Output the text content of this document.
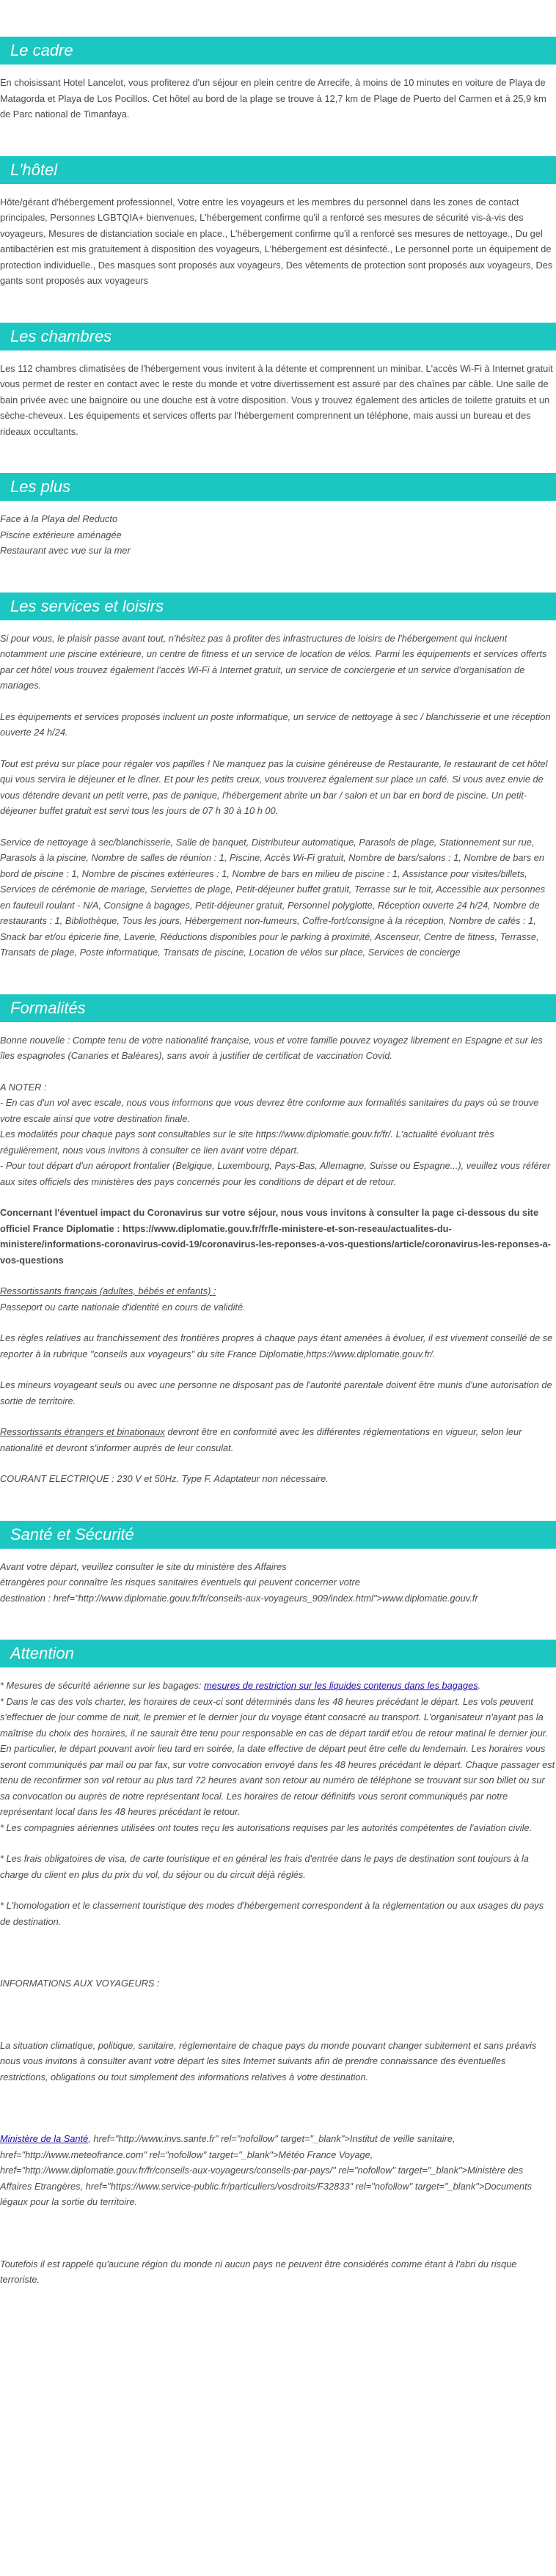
Le cadre

En choisissant Hotel Lancelot, vous profiterez d'un séjour en plein centre de Arrecife, à moins de 10 minutes en voiture de Playa de Matagorda et Playa de Los Pocillos. Cet hôtel au bord de la plage se trouve à 12,7 km de Plage de Puerto del Carmen et à 25,9 km de Parc national de Timanfaya.

L'hôtel

Hôte/gérant d'hébergement professionnel, Votre entre les voyageurs et les membres du personnel dans les zones de contact principales, Personnes LGBTQIA+ bienvenues, L'hébergement confirme qu'il a renforcé ses mesures de sécurité vis-à-vis des voyageurs, Mesures de distanciation sociale en place., L'hébergement confirme qu'il a renforcé ses mesures de nettoyage., Du gel antibactérien est mis gratuitement à disposition des voyageurs, L'hébergement est désinfecté., Le personnel porte un équipement de protection individuelle., Des masques sont proposés aux voyageurs, Des vêtements de protection sont proposés aux voyageurs, Des gants sont proposés aux voyageurs

Les chambres

Les 112 chambres climatisées de l'hébergement vous invitent à la détente et comprennent un minibar. L'accès Wi-Fi à Internet gratuit vous permet de rester en contact avec le reste du monde et votre divertissement est assuré par des chaînes par câble. Une salle de bain privée avec une baignoire ou une douche est à votre disposition. Vous y trouvez également des articles de toilette gratuits et un sèche-cheveux. Les équipements et services offerts par l'hébergement comprennent un téléphone, mais aussi un bureau et des rideaux occultants.

Les plus
Face à la Playa del Reducto
Piscine extérieure aménagée
Restaurant avec vue sur la mer
Les services et loisirs

Si pour vous, le plaisir passe avant tout, n'hésitez pas à profiter des infrastructures de loisirs de l'hébergement qui incluent notamment une piscine extérieure, un centre de fitness et un service de location de vélos. Parmi les équipements et services offerts par cet hôtel vous trouvez également l'accès Wi-Fi à Internet gratuit, un service de conciergerie et un service d'organisation de mariages.

Les équipements et services proposés incluent un poste informatique, un service de nettoyage à sec / blanchisserie et une réception ouverte 24 h/24.

Tout est prévu sur place pour régaler vos papilles ! Ne manquez pas la cuisine généreuse de Restaurante, le restaurant de cet hôtel qui vous servira le déjeuner et le dîner. Et pour les petits creux, vous trouverez également sur place un café. Si vous avez envie de vous détendre devant un petit verre, pas de panique, l'hébergement abrite un bar / salon et un bar en bord de piscine. Un petit-déjeuner buffet gratuit est servi tous les jours de 07 h 30 à 10 h 00.

Service de nettoyage à sec/blanchisserie, Salle de banquet, Distributeur automatique, Parasols de plage, Stationnement sur rue, Parasols à la piscine, Nombre de salles de réunion : 1, Piscine, Accès Wi-Fi gratuit, Nombre de bars/salons : 1, Nombre de bars en bord de piscine : 1, Nombre de piscines extérieures : 1, Nombre de bars en milieu de piscine : 1, Assistance pour visites/billets, Services de cérémonie de mariage, Serviettes de plage, Petit-déjeuner buffet gratuit, Terrasse sur le toit, Accessible aux personnes en fauteuil roulant - N/A, Consigne à bagages, Petit-déjeuner gratuit, Personnel polyglotte, Réception ouverte 24 h/24, Nombre de restaurants : 1, Bibliothèque, Tous les jours, Hébergement non-fumeurs, Coffre-fort/consigne à la réception, Nombre de cafés : 1, Snack bar et/ou épicerie fine, Laverie, Réductions disponibles pour le parking à proximité, Ascenseur, Centre de fitness, Terrasse, Transats de plage, Poste informatique, Transats de piscine, Location de vélos sur place, Services de concierge

Formalités

Bonne nouvelle : Compte tenu de votre nationalité française, vous et votre famille pouvez voyagez librement en Espagne et sur les îles espagnoles (Canaries et Baléares), sans avoir à justifier de certificat de vaccination Covid.

A NOTER :
- En cas d'un vol avec escale, nous vous informons que vous devrez être conforme aux formalités sanitaires du pays où se trouve votre escale ainsi que votre destination finale.
Les modalités pour chaque pays sont consultables sur le site https://www.diplomatie.gouv.fr/fr/. L'actualité évoluant très régulièrement, nous vous invitons à consulter ce lien avant votre départ.
- Pour tout départ d'un aéroport frontalier (Belgique, Luxembourg, Pays-Bas, Allemagne, Suisse ou Espagne...), veuillez vous référer aux sites officiels des ministères des pays concernés pour les conditions de départ et de retour.

Concernant l'éventuel impact du Coronavirus sur votre séjour, nous vous invitons à consulter la page ci-dessous du site officiel France Diplomatie : https://www.diplomatie.gouv.fr/fr/le-ministere-et-son-reseau/actualites-du-ministere/informations-coronavirus-covid-19/coronavirus-les-reponses-a-vos-questions/article/coronavirus-les-reponses-a-vos-questions

Ressortissants français (adultes, bébés et enfants) :
Passeport ou carte nationale d'identité en cours de validité.

Les règles relatives au franchissement des frontières propres à chaque pays étant amenées à évoluer, il est vivement conseillé de se reporter à la rubrique "conseils aux voyageurs" du site France Diplomatie,https://www.diplomatie.gouv.fr/.

Les mineurs voyageant seuls ou avec une personne ne disposant pas de l'autorité parentale doivent être munis d'une autorisation de sortie de territoire.

Ressortissants étrangers et binationaux devront être en conformité avec les différentes réglementations en vigueur, selon leur nationalité et devront s'informer auprès de leur consulat.

COURANT ELECTRIQUE : 230 V et 50Hz. Type F. Adaptateur non nécessaire.

Santé et Sécurité
Avant votre départ, veuillez consulter le site du ministère des Affaires
étrangères pour connaître les risques sanitaires éventuels qui peuvent concerner votre
destination : href="http://www.diplomatie.gouv.fr/fr/conseils-aux-voyageurs_909/index.html">www.diplomatie.gouv.fr
Attention
* Mesures de sécurité aérienne sur les bagages: mesures de restriction sur les liquides contenus dans les bagages.
* Dans le cas des vols charter, les horaires de ceux-ci sont déterminés dans les 48 heures précédant le départ. Les vols peuvent s'effectuer de jour comme de nuit, le premier et le dernier jour du voyage étant consacré au transport. L'organisateur n'ayant pas la maîtrise du choix des horaires, il ne saurait être tenu pour responsable en cas de départ tardif et/ou de retour matinal le dernier jour. En particulier, le départ pouvant avoir lieu tard en soirée, la date effective de départ peut être celle du lendemain. Les horaires vous seront communiqués par mail ou par fax, sur votre convocation envoyé dans les 48 heures précédant le départ. Chaque passager est tenu de reconfirmer son vol retour au plus tard 72 heures avant son retour au numéro de téléphone se trouvant sur son billet ou sur sa convocation ou auprès de notre représentant local. Les horaires de retour définitifs vous seront communiqués par notre représentant local dans les 48 heures précédant le retour.
* Les compagnies aériennes utilisées ont toutes reçu les autorisations requises par les autorités compétentes de l'aviation civile.
* Les frais obligatoires de visa, de carte touristique et en général les frais d'entrée dans le pays de destination sont toujours à la charge du client en plus du prix du vol, du séjour ou du circuit déjà réglés.
* L'homologation et le classement touristique des modes d'hébergement correspondent à la réglementation ou aux usages du pays de destination.
INFORMATIONS AUX VOYAGEURS :
La situation climatique, politique, sanitaire, réglementaire de chaque pays du monde pouvant changer subitement et sans préavis
nous vous invitons à consulter avant votre départ les sites Internet suivants afin de prendre connaissance des éventuelles restrictions, obligations ou tout simplement des informations relatives à votre destination.
Ministère de la Santé, href="http://www.invs.sante.fr" rel="nofollow" target="_blank">Institut de veille sanitaire, href="http://www.meteofrance.com" rel="nofollow" target="_blank">Météo France Voyage, href="http://www.diplomatie.gouv.fr/fr/conseils-aux-voyageurs/conseils-par-pays/" rel="nofollow" target="_blank">Ministère des Affaires Etrangères, href="https://www.service-public.fr/particuliers/vosdroits/F32833" rel="nofollow" target="_blank">Documents légaux pour la sortie du territoire.
Toutefois il est rappelé qu'aucune région du monde ni aucun pays ne peuvent être considérés comme étant à l'abri du risque terroriste.
